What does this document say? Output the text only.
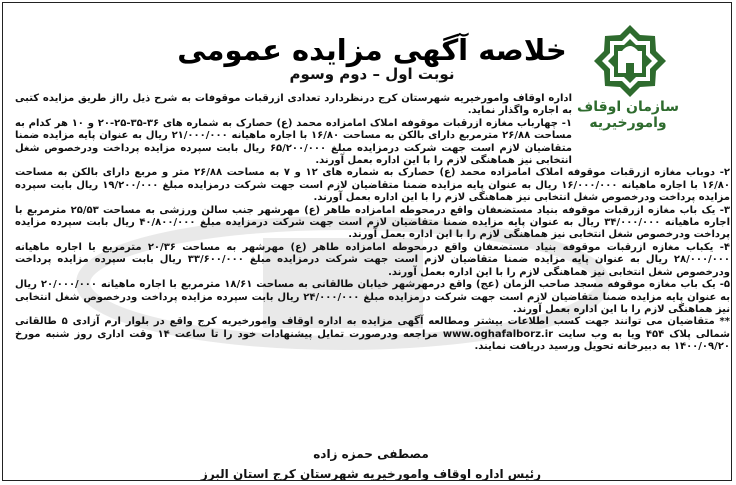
خلاصه آگهی مزایده عمومی
نوبت اول – دوم وسوم
سازمان اوقاف وامورخیریه

اداره اوقاف وامورخیریه شهرستان کرج درنظردارد تعدادی ازرقبات موقوفات به شرح ذیل رااز طریق مزایده کتبی به اجاره واگذار نماید.

۱- چهارباب مغازه ازرقبات موقوفه املاک امامزاده محمد (ع) حصارک به شماره های ۳۶-۳۵-۲۵-۲۰ و ۱۰ هر کدام به مساحت ۲۶/۸۸ مترمربع دارای بالکن به مساحت ۱۶/۸۰ با اجاره ماهیانه ۲۱/۰۰۰/۰۰۰ ریال به عنوان پایه مزایده ضمنا متقاضیان لازم است جهت شرکت درمزایده مبلغ ۶۵/۲۰۰/۰۰۰ ریال بابت سپرده مزایده پرداخت ودرخصوص شغل انتخابی نیز هماهنگی لازم را با این اداره بعمل آورند.

۲- دوباب مغازه ازرقبات موقوفه املاک امامزاده محمد (ع) حصارک به شماره های ۱۲ و ۷ به مساحت ۲۶/۸۸ متر و مربع دارای بالکن به مساحت ۱۶/۸۰ با اجاره ماهیانه ۱۶/۰۰۰/۰۰۰ ریال به عنوان پایه مزایده ضمنا متقاضیان لازم است جهت شرکت درمزایده مبلغ ۱۹/۲۰۰/۰۰۰ ریال بابت سپرده مزایده پرداخت ودرخصوص شغل انتخابی نیز هماهنگی لازم را با این اداره بعمل آورند.

۳- یک باب مغازه ازرقبات موقوفه بنیاد مستضعفان واقع درمحوطه امامزاده طاهر (ع) مهرشهر جنب سالن ورزشی به مساحت ۲۵/۵۳ مترمربع با اجاره ماهیانه ۳۴/۰۰۰/۰۰۰ ریال به عنوان پایه مزایده ضمنا متقاضیان لازم است جهت شرکت درمزایده مبلغ ۴۰/۸۰۰/۰۰۰ ریال بابت سپرده مزایده پرداخت ودرخصوص شغل انتخابی نیز هماهنگی لازم را با این اداره بعمل آورند.

۴- یکباب مغازه ازرقبات موقوفه بنیاد مستضعفان واقع درمحوطه امامزاده طاهر (ع) مهرشهر به مساحت ۲۰/۳۶ مترمربع با اجاره ماهیانه ۲۸/۰۰۰/۰۰۰ ریال به عنوان پایه مزایده ضمنا متقاضیان لازم است جهت شرکت درمزایده مبلغ ۳۳/۶۰۰/۰۰۰ ریال بابت سپرده مزایده پرداخت ودرخصوص شغل انتخابی نیز هماهنگی لازم را با این اداره بعمل آورند.

۵- یک باب مغازه موقوفه مسجد صاحب الزمان (عج) واقع درمهرشهر خیابان طالقانی به مساحت ۱۸/۶۱ مترمربع با اجاره ماهیانه ۲۰/۰۰۰/۰۰۰ ریال به عنوان پایه مزایده ضمنا متقاضیان لازم است جهت شرکت درمزایده مبلغ ۲۴/۰۰۰/۰۰۰ ریال بابت سپرده مزایده پرداخت ودرخصوص شغل انتخابی نیز هماهنگی لازم را با این اداره بعمل آورند.

** متقاضیان می توانند جهت کسب اطلاعات بیشتر ومطالعه آگهی مزایده به اداره اوقاف وامورخیریه کرج واقع در بلوار ارم آزادی ۵ طالقانی شمالی پلاک ۴۵۴ ویا به وب سایت www.oghafalborz.ir مراجعه ودرصورت تمایل پیشنهادات خود را تا ساعت ۱۴ وقت اداری روز شنبه مورخ ۱۴۰۰/۰۹/۲۰ به دبیرخانه تحویل ورسید دریافت نمایند.

مصطفی حمزه زاده
رئیس اداره اوقاف وامورخیریه شهرستان کرج استان البرز
